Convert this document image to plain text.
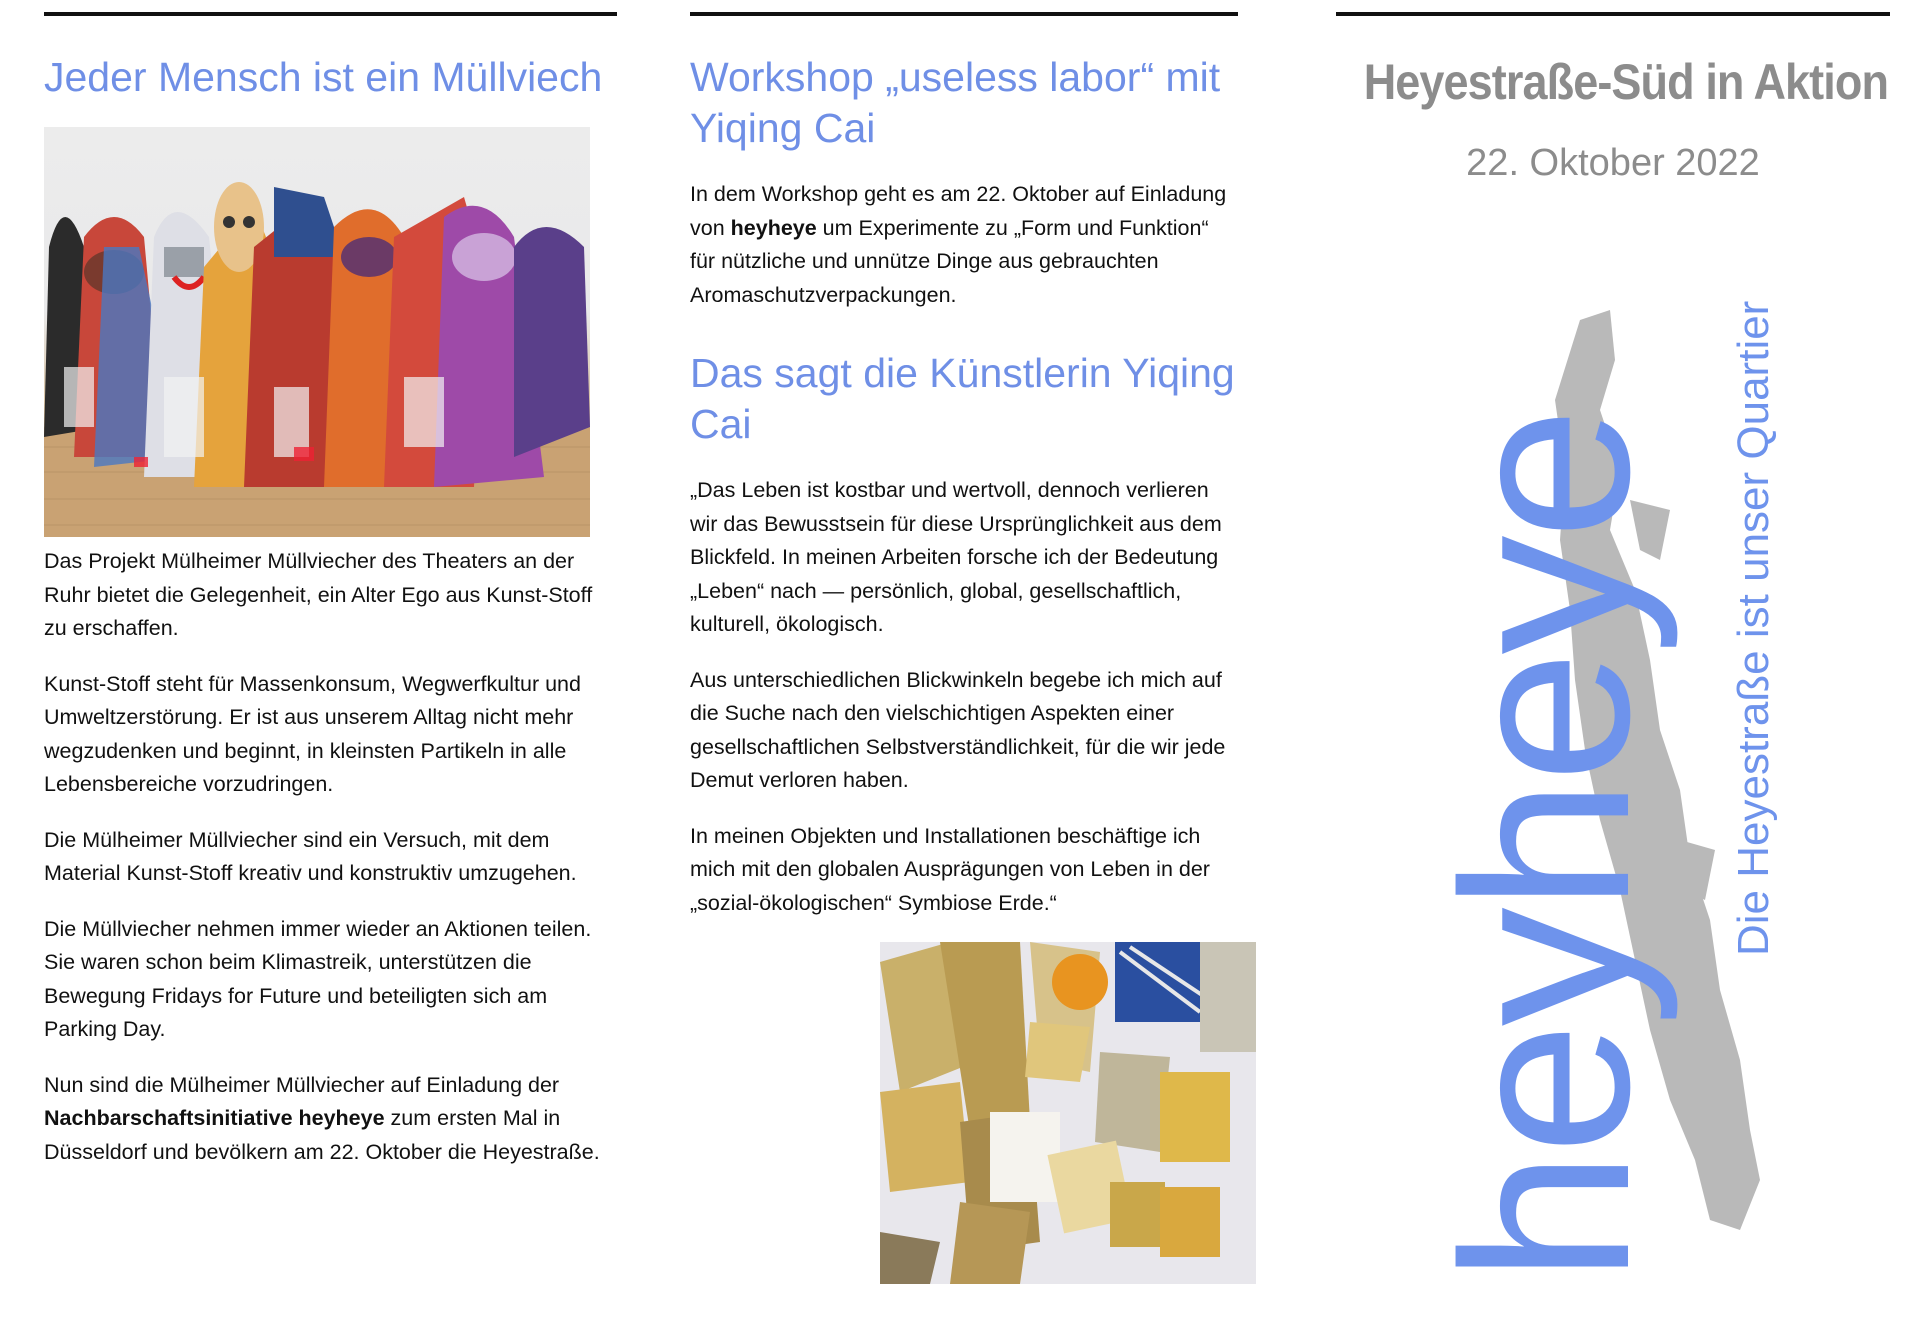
Jeder Mensch ist ein Müllviech

Das Projekt Mülheimer Müllviecher des Theaters an der Ruhr bietet die Gelegenheit, ein Alter Ego aus Kunst-Stoff zu erschaffen.

Kunst-Stoff steht für Massenkonsum, Wegwerfkultur und Umweltzerstörung. Er ist aus unserem Alltag nicht mehr wegzudenken und beginnt, in kleinsten Partikeln in alle Lebensbereiche vorzudringen.

Die Mülheimer Müllviecher sind ein Versuch, mit dem Material Kunst-Stoff kreativ und konstruktiv umzugehen.

Die Müllviecher nehmen immer wieder an Aktionen teilen. Sie waren schon beim Klimastreik, unterstützen die Bewegung Fridays for Future und beteiligten sich am Parking Day.

Nun sind die Mülheimer Müllviecher auf Einladung der Nachbarschaftsinitiative heyheye zum ersten Mal in Düsseldorf und bevölkern am 22. Oktober die Heyestraße.

Workshop „useless labor“ mit Yiqing Cai

In dem Workshop geht es am 22. Oktober auf Einladung von heyheye um Experimente zu „Form und Funktion“ für nützliche und unnütze Dinge aus gebrauchten Aromaschutzverpackungen.

Das sagt die Künstlerin Yiqing Cai

„Das Leben ist kostbar und wertvoll, dennoch verlieren wir das Bewusstsein für diese Ursprünglichkeit aus dem Blickfeld. In meinen Arbeiten forsche ich der Bedeutung „Leben“ nach — persönlich, global, gesellschaftlich, kulturell, ökologisch.

Aus unterschiedlichen Blickwinkeln begebe ich mich auf die Suche nach den vielschichtigen Aspekten einer gesellschaftlichen Selbstverständlichkeit, für die wir jede Demut verloren haben.

In meinen Objekten und Installationen beschäftige ich mich mit den globalen Ausprägungen von Leben in der „sozial-ökologischen“ Symbiose Erde.“

Heyestraße-Süd in Aktion
22. Oktober 2022
heyheye Die Heyestraße ist unser Quartier
